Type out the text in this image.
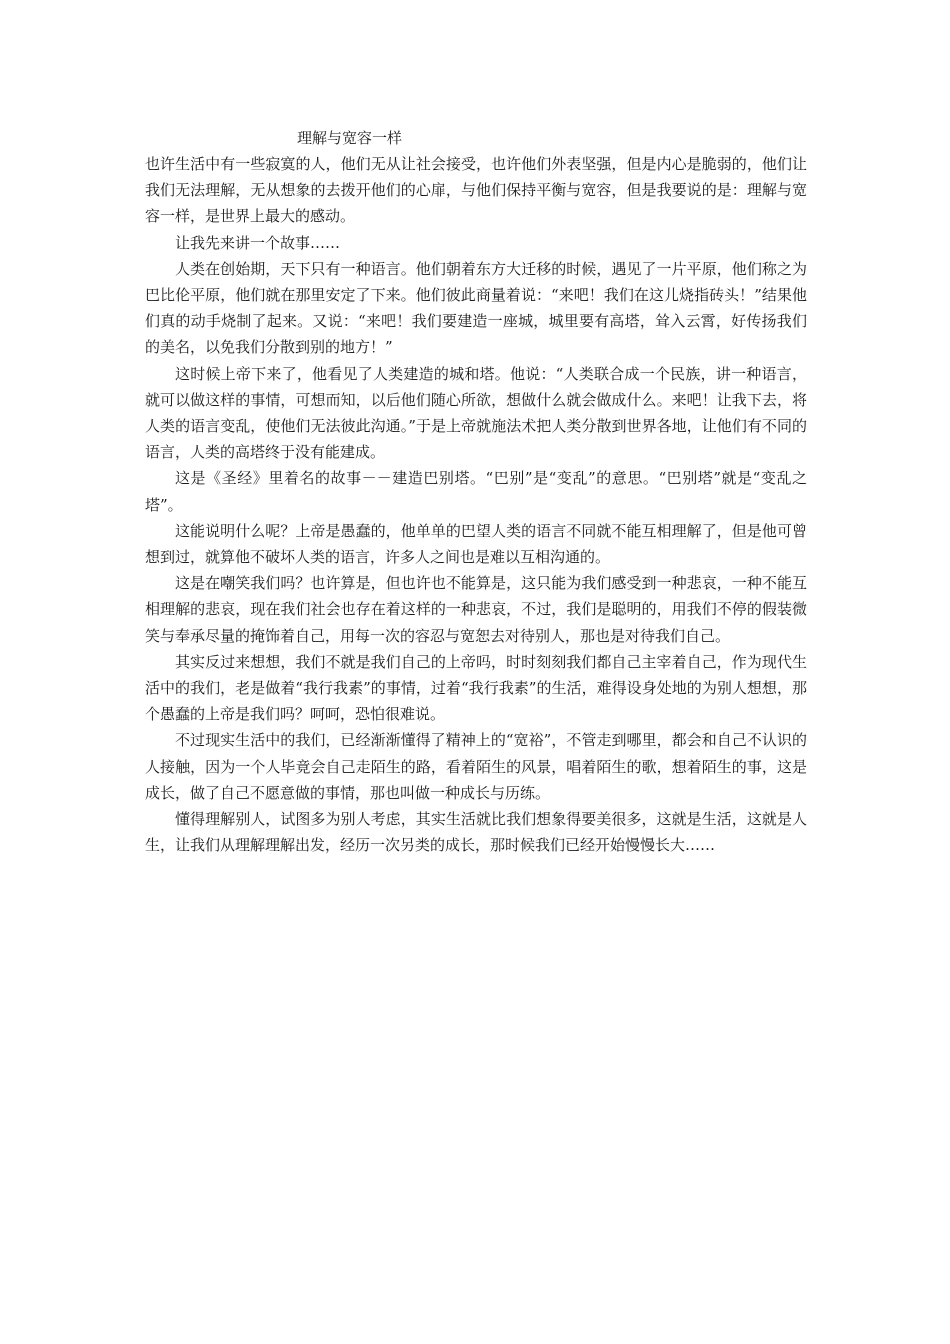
理解与宽容一样

也许生活中有一些寂寞的人，他们无从让社会接受，也许他们外表坚强，但是内心是脆弱的，他们让我们无法理解，无从想象的去拨开他们的心扉，与他们保持平衡与宽容，但是我要说的是：理解与宽容一样，是世界上最大的感动。

让我先来讲一个故事……

人类在创始期，天下只有一种语言。他们朝着东方大迁移的时候，遇见了一片平原，他们称之为巴比伦平原，他们就在那里安定了下来。他们彼此商量着说：“来吧！我们在这儿烧指砖头！”结果他们真的动手烧制了起来。又说：“来吧！我们要建造一座城，城里要有高塔，耸入云霄，好传扬我们的美名，以免我们分散到别的地方！”

这时候上帝下来了，他看见了人类建造的城和塔。他说：“人类联合成一个民族，讲一种语言，就可以做这样的事情，可想而知，以后他们随心所欲，想做什么就会做成什么。来吧！让我下去，将人类的语言变乱，使他们无法彼此沟通。”于是上帝就施法术把人类分散到世界各地，让他们有不同的语言，人类的高塔终于没有能建成。

这是《圣经》里着名的故事－－建造巴别塔。“巴别”是“变乱”的意思。“巴别塔”就是“变乱之塔”。

这能说明什么呢？上帝是愚蠢的，他单单的巴望人类的语言不同就不能互相理解了，但是他可曾想到过，就算他不破坏人类的语言，许多人之间也是难以互相沟通的。

这是在嘲笑我们吗？也许算是，但也许也不能算是，这只能为我们感受到一种悲哀，一种不能互相理解的悲哀，现在我们社会也存在着这样的一种悲哀，不过，我们是聪明的，用我们不停的假装微笑与奉承尽量的掩饰着自己，用每一次的容忍与宽恕去对待别人，那也是对待我们自己。

其实反过来想想，我们不就是我们自己的上帝吗，时时刻刻我们都自己主宰着自己，作为现代生活中的我们，老是做着“我行我素”的事情，过着“我行我素”的生活，难得设身处地的为别人想想，那个愚蠢的上帝是我们吗？呵呵，恐怕很难说。

不过现实生活中的我们，已经渐渐懂得了精神上的“宽裕”，不管走到哪里，都会和自己不认识的人接触，因为一个人毕竟会自己走陌生的路，看着陌生的风景，唱着陌生的歌，想着陌生的事，这是成长，做了自己不愿意做的事情，那也叫做一种成长与历练。

懂得理解别人，试图多为别人考虑，其实生活就比我们想象得要美很多，这就是生活，这就是人生，让我们从理解理解出发，经历一次另类的成长，那时候我们已经开始慢慢长大……
